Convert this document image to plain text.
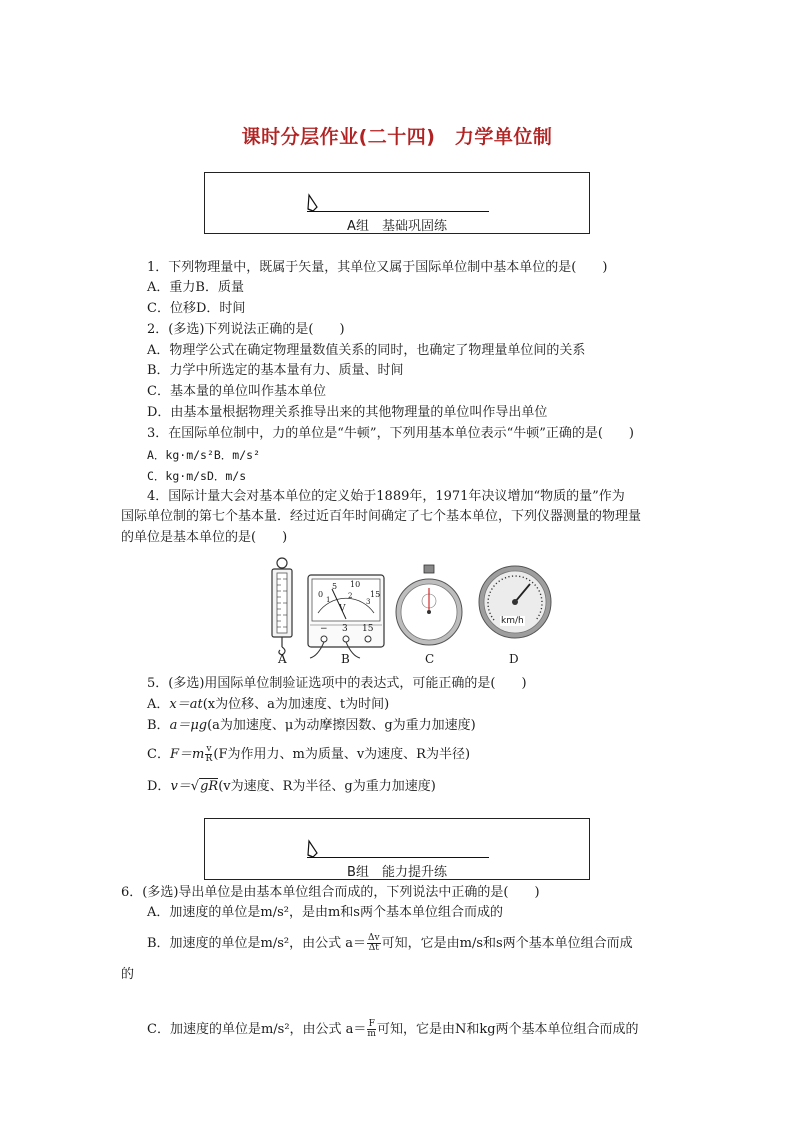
课时分层作业(二十四)　力学单位制
A组　基础巩固练
1．下列物理量中，既属于矢量，其单位又属于国际单位制中基本单位的是(　　)
A．重力B．质量
C．位移D．时间
2．(多选)下列说法正确的是(　　)
A．物理学公式在确定物理量数值关系的同时，也确定了物理量单位间的关系
B．力学中所选定的基本量有力、质量、时间
C．基本量的单位叫作基本单位
D．由基本量根据物理关系推导出来的其他物理量的单位叫作导出单位
3．在国际单位制中，力的单位是“牛顿”，下列用基本单位表示“牛顿”正确的是(　　)
A．kg·m/s²B．m/s²
C．kg·m/sD．m/s
4．国际计量大会对基本单位的定义始于1889年，1971年决议增加“物质的量”作为
国际单位制的第七个基本量．经过近百年时间确定了七个基本单位，下列仪器测量的物理量
的单位是基本单位的是(　　)
0
5 10
15
1	2
3
V
− 3 15
km/h
A	B	C	D
5．(多选)用国际单位制验证选项中的表达式，可能正确的是(　　)
A．x＝at(x为位移、a为加速度、t为时间)
B．a＝μg(a为加速度、μ为动摩擦因数、g为重力加速度)
C．$F=m \frac{v}{R} (F$为作用力、m为质量、v为速度、R为半径)
D．v＝√gR(v为速度、R为半径、g为重力加速度)
B组　能力提升练
6．(多选)导出单位是由基本单位组合而成的，下列说法中正确的是(　　)
A．加速度的单位是m/s²，是由m和s两个基本单位组合而成的
B．加速度的单位是m/s²，由公式 $a= \frac{\Delta v}{\Delta t}$ 可知，它是由m/s和s两个基本单位组合而成
的
C．加速度的单位是m/s²，由公式 $a= \frac{F}{m}$ 可知，它是由N和kg两个基本单位组合而成的
